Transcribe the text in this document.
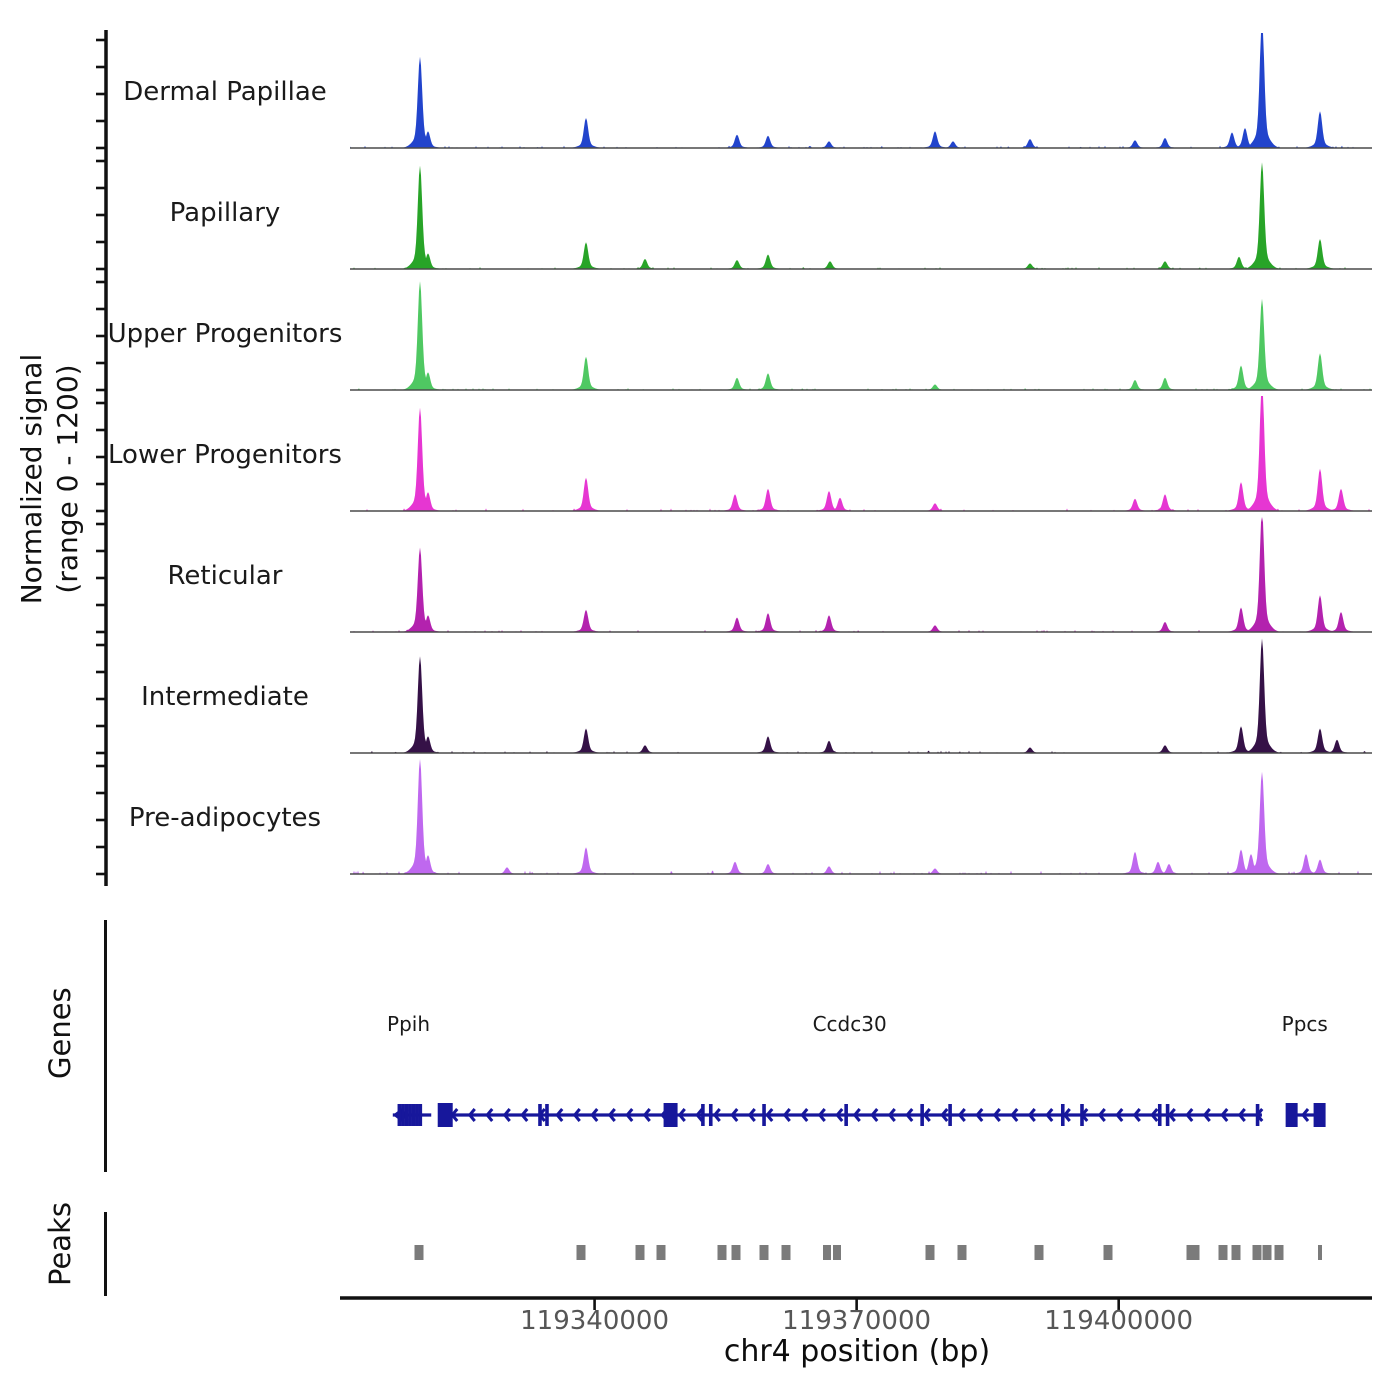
Normalized signal (range 0 - 1200)
Dermal Papillae
Papillary
Upper Progenitors
Lower Progenitors
Reticular
Intermediate
Pre-adipocytes
Genes	Ppih	Ccdc30	Ppcs
Peaks
119340000	119370000	119400000
chr4 position (bp)
